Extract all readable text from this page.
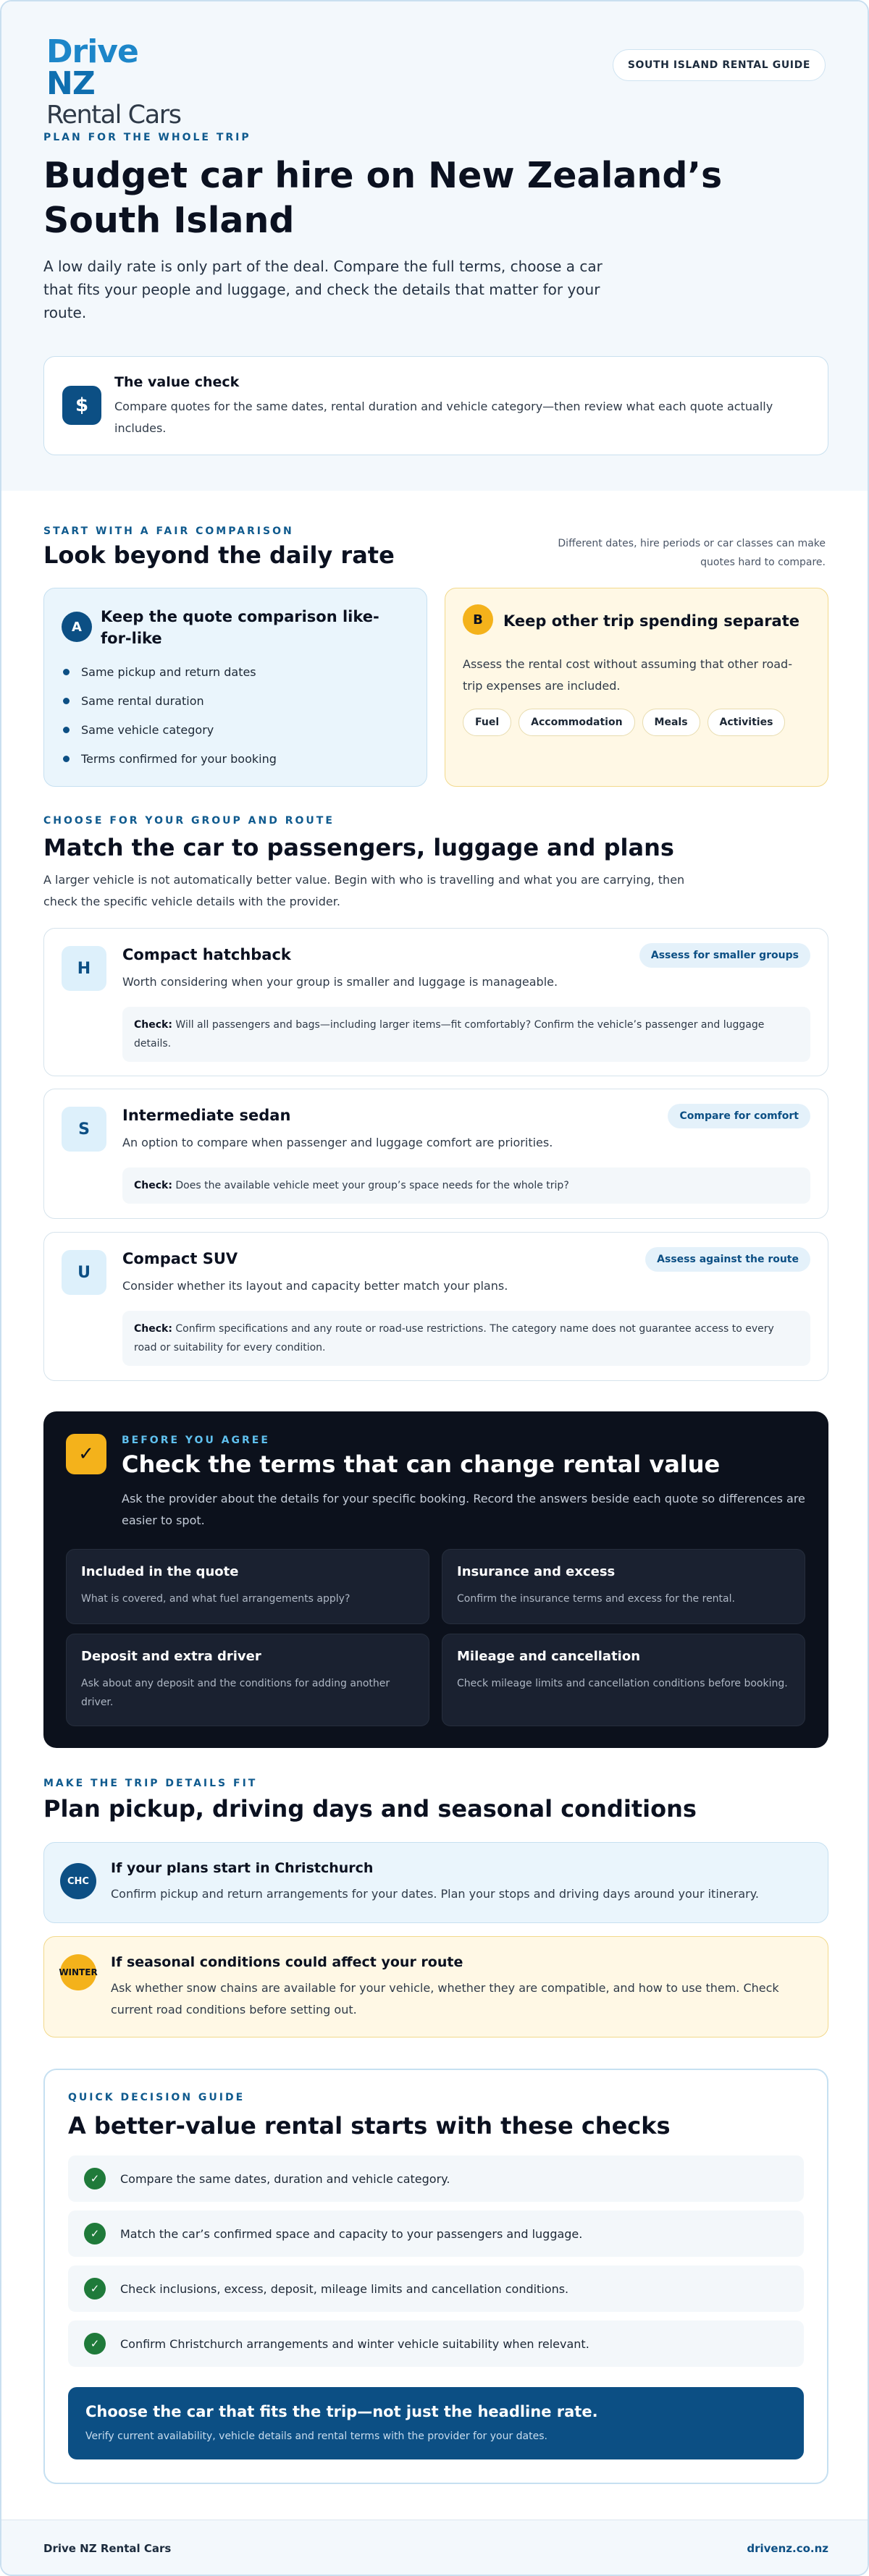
Drive NZ
Rental Cars
SOUTH ISLAND RENTAL GUIDE
PLAN FOR THE WHOLE TRIP
Budget car hire on New Zealand’s South Island

A low daily rate is only part of the deal. Compare the full terms, choose a car that fits your people and luggage, and check the details that matter for your route.

$
The value check
Compare quotes for the same dates, rental duration and vehicle category—then review what each quote actually includes.
START WITH A FAIR COMPARISON
Look beyond the daily rate	Different dates, hire periods or car classes can make quotes hard to compare.
A
Keep the quote comparison like-for-like
Same pickup and return dates
Same rental duration
Same vehicle category
Terms confirmed for your booking
B	Keep other trip spending separate
Assess the rental cost without assuming that other road-trip expenses are included.
Fuel	Accommodation	Meals	Activities
CHOOSE FOR YOUR GROUP AND ROUTE
Match the car to passengers, luggage and plans
A larger vehicle is not automatically better value. Begin with who is travelling and what you are carrying, then check the specific vehicle details with the provider.
H
Compact hatchback	Assess for smaller groups
Worth considering when your group is smaller and luggage is manageable.
Check: Will all passengers and bags—including larger items—fit comfortably? Confirm the vehicle’s passenger and luggage details.
S
Intermediate sedan	Compare for comfort
An option to compare when passenger and luggage comfort are priorities.
Check: Does the available vehicle meet your group’s space needs for the whole trip?
U
Compact SUV	Assess against the route
Consider whether its layout and capacity better match your plans.
Check: Confirm specifications and any route or road-use restrictions. The category name does not guarantee access to every road or suitability for every condition.
✓
BEFORE YOU AGREE
Check the terms that can change rental value
Ask the provider about the details for your specific booking. Record the answers beside each quote so differences are easier to spot.
Included in the quote
What is covered, and what fuel arrangements apply?
Insurance and excess
Confirm the insurance terms and excess for the rental.
Deposit and extra driver
Ask about any deposit and the conditions for adding another driver.
Mileage and cancellation
Check mileage limits and cancellation conditions before booking.
MAKE THE TRIP DETAILS FIT
Plan pickup, driving days and seasonal conditions
CHC
If your plans start in Christchurch
Confirm pickup and return arrangements for your dates. Plan your stops and driving days around your itinerary.
WINTER
If seasonal conditions could affect your route
Ask whether snow chains are available for your vehicle, whether they are compatible, and how to use them. Check current road conditions before setting out.
QUICK DECISION GUIDE
A better-value rental starts with these checks
✓	Compare the same dates, duration and vehicle category.
✓	Match the car’s confirmed space and capacity to your passengers and luggage.
✓	Check inclusions, excess, deposit, mileage limits and cancellation conditions.
✓	Confirm Christchurch arrangements and winter vehicle suitability when relevant.
Choose the car that fits the trip—not just the headline rate.
Verify current availability, vehicle details and rental terms with the provider for your dates.
Drive NZ Rental Cars	drivenz.co.nz
